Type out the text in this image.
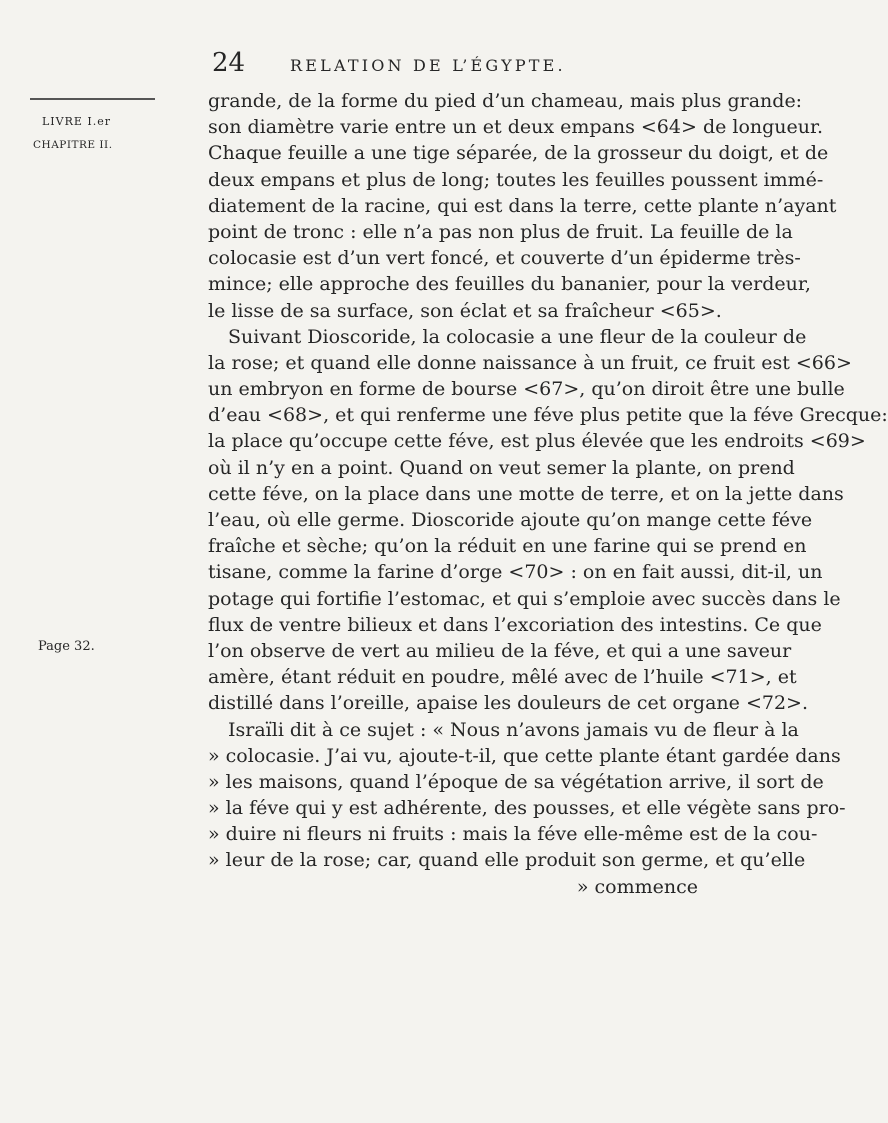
24	RELATION DE L’ÉGYPTE.
LIVRE I.er
CHAPITRE II.
Page 32.
grande, de la forme du pied d’un chameau, mais plus grande:
son diamètre varie entre un et deux empans <64> de longueur.
Chaque feuille a une tige séparée, de la grosseur du doigt, et de
deux empans et plus de long; toutes les feuilles poussent immé-
diatement de la racine, qui est dans la terre, cette plante n’ayant
point de tronc : elle n’a pas non plus de fruit. La feuille de la
colocasie est d’un vert foncé, et couverte d’un épiderme très-
mince; elle approche des feuilles du bananier, pour la verdeur,
le lisse de sa surface, son éclat et sa fraîcheur <65>.
Suivant Dioscoride, la colocasie a une fleur de la couleur de
la rose; et quand elle donne naissance à un fruit, ce fruit est <66>
un embryon en forme de bourse <67>, qu’on diroit être une bulle
d’eau <68>, et qui renferme une féve plus petite que la féve Grecque:
la place qu’occupe cette féve, est plus élevée que les endroits <69>
où il n’y en a point. Quand on veut semer la plante, on prend
cette féve, on la place dans une motte de terre, et on la jette dans
l’eau, où elle germe. Dioscoride ajoute qu’on mange cette féve
fraîche et sèche; qu’on la réduit en une farine qui se prend en
tisane, comme la farine d’orge <70> : on en fait aussi, dit-il, un
potage qui fortifie l’estomac, et qui s’emploie avec succès dans le
flux de ventre bilieux et dans l’excoriation des intestins. Ce que
l’on observe de vert au milieu de la féve, et qui a une saveur
amère, étant réduit en poudre, mêlé avec de l’huile <71>, et
distillé dans l’oreille, apaise les douleurs de cet organe <72>.
Israïli dit à ce sujet : « Nous n’avons jamais vu de fleur à la
» colocasie. J’ai vu, ajoute-t-il, que cette plante étant gardée dans
» les maisons, quand l’époque de sa végétation arrive, il sort de
» la féve qui y est adhérente, des pousses, et elle végète sans pro-
» duire ni fleurs ni fruits : mais la féve elle-même est de la cou-
» leur de la rose; car, quand elle produit son germe, et qu’elle
» commence
